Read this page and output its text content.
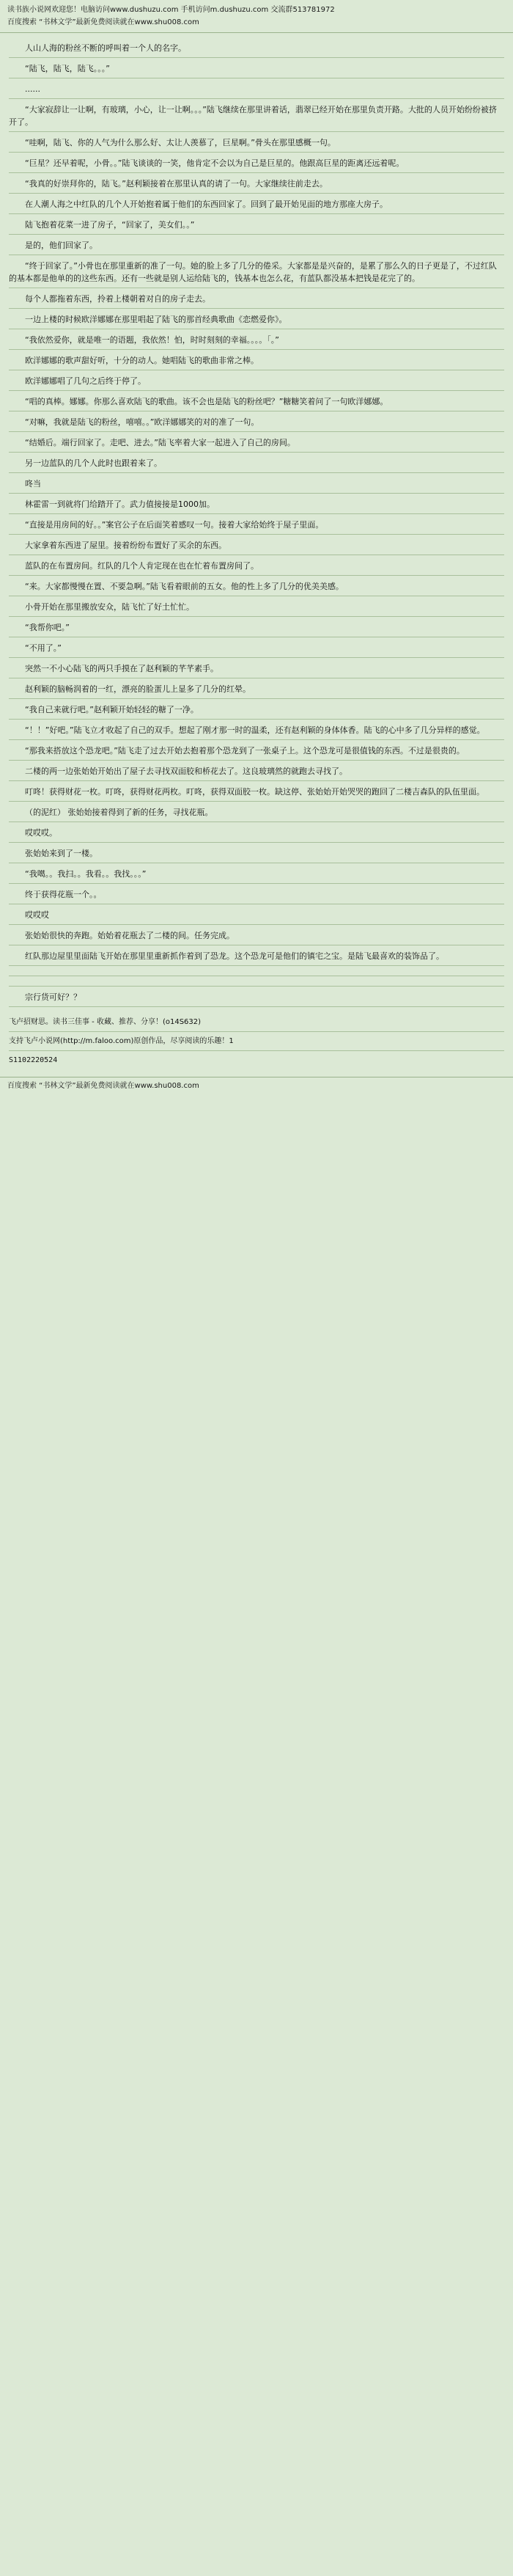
读书族小说网欢迎您！电脑访问www.dushuzu.com 手机访问m.dushuzu.com 交流群513781972
百度搜索 “书林文学”最新免费阅读就在www.shu008.com

人山人海的粉丝不断的呼叫着一个人的名字。

“陆飞，陆飞，陆飞。。。”

......

“大家寂辞让一让啊，有玻璃，小心，让一让啊。。。”陆飞继续在那里讲着话，翡翠已经开始在那里负责开路。大批的人员开始纷纷被挤开了。

“哇啊，陆飞、你的人气为什么那么好、太让人羡慕了，巨星啊。”骨头在那里感概一句。

“巨星？还早着呢，小骨。。”陆飞谈谈的一笑，他肯定不会以为自己是巨星的。他跟高巨星的距离还远着呢。

“我真的好崇拜你的，陆飞。”赵利颖接着在那里认真的请了一句。大家继续往前走去。

在人潮人海之中红队的几个人开始抱着属于他们的东西回家了。回到了最开始见面的地方那座大房子。

陆飞抱着花菜一进了房子，“回家了，美女们。。”

是的，他们回家了。

“终于回家了。”小骨也在那里重新的准了一句。她的脸上多了几分的倦采。大家都是是兴奋的，是累了那么久的日子更是了，不过红队的基本都是他单的的这些东西。还有一些就是别人运给陆飞的，钱基本也怎么花，有蓝队都没基本把钱是花完了的。

每个人都拖着东西，拎着上楼朝着对自的房子走去。

一边上楼的时候欧洋娜娜在那里唱起了陆飞的那首经典歌曲《恋燃爱你》。

“我依然爱你，就是唯一的语题，我依然！怕，时时刻刻的幸福。。。。「。”

欧洋娜娜的歌声甜好听，十分的动人。她唱陆飞的歌曲非常之棒。

欧洋娜娜唱了几句之后终于停了。

“唱的真棒。娜娜。你那么喜欢陆飞的歌曲。该不会也是陆飞的粉丝吧？”糖糖笑着问了一句欧洋娜娜。

“对嘛，我就是陆飞的粉丝，嘻嘻。。”欧洋娜娜笑的对的准了一句。

“结婚后。端行回家了。走吧、进去。”陆飞率着大家一起进入了自己的房间。

另一边蓝队的几个人此时也跟着来了。

咚当

林霍雷一到就将门给踏开了。武力值接接是1000加。

“直接是用房间的好。。”案官公子在后面笑着感叹一句。接着大家给始终于屋子里面。

大家拿着东西进了屋里。接着纷纷布置好了买余的东西。

蓝队的在布置房间。红队的几个人肯定现在也在忙着布置房间了。

“来。大家都慢慢在置、不要急啊。”陆飞看着眼前的五女。他的性上多了几分的优美美感。

小骨开始在那里搬放安众，陆飞忙了好土忙忙。

“我帮你吧。”

“不用了。”

突然一不小心陆飞的两只手摸在了赵利颖的芊芊素手。

赵利颖的脑畅润着的一红，漂亮的脸蛋儿上显多了几分的红晕。

“我自己来就行吧。”赵利颖开始轻轻的糖了一净。

“！！”好吧。”陆飞立才收起了自己的双手。想起了刚才那一时的温柔，还有赵利颖的身体体香。陆飞的心中多了几分异样的感觉。

“那我来搭放这个恐龙吧。”陆飞走了过去开始去抱着那个恐龙到了一张桌子上。这个恐龙可是很值钱的东西。不过是很贵的。

二楼的两一边张始始开始出了屋子去寻找双面胶和桥花去了。这良玻璃然的就跑去寻找了。

叮咚！获得财花一枚。叮咚，获得财花两枚。叮咚，获得双面胶一枚。缺这停、张始始开始哭哭的跑回了二楼吉森队的队伍里面。

（的泥红） 张始始接着得到了新的任务，寻找花瓶。

哎哎哎。

张始始来到了一楼。

“我噶。。我扫。。我看。。我找。。。”

终于获得花瓶一个。。

哎哎哎

张始始很快的奔跑。始始着花瓶去了二楼的间。任务完成。

红队那边屋里里面陆飞开始在那里里重新抓作着到了恐龙。这个恐龙可是他们的镇宅之宝。是陆飞最喜欢的装饰品了。

宗行货可好？？

飞卢招财思。读书三佳事 - 收藏、推荐、分享！(o14S632)
支持飞卢小说网(http://m.faloo.com)原创作品，尽享阅读的乐趣！1
S1102220524
百度搜索 “书林文学”最新免费阅读就在www.shu008.com
